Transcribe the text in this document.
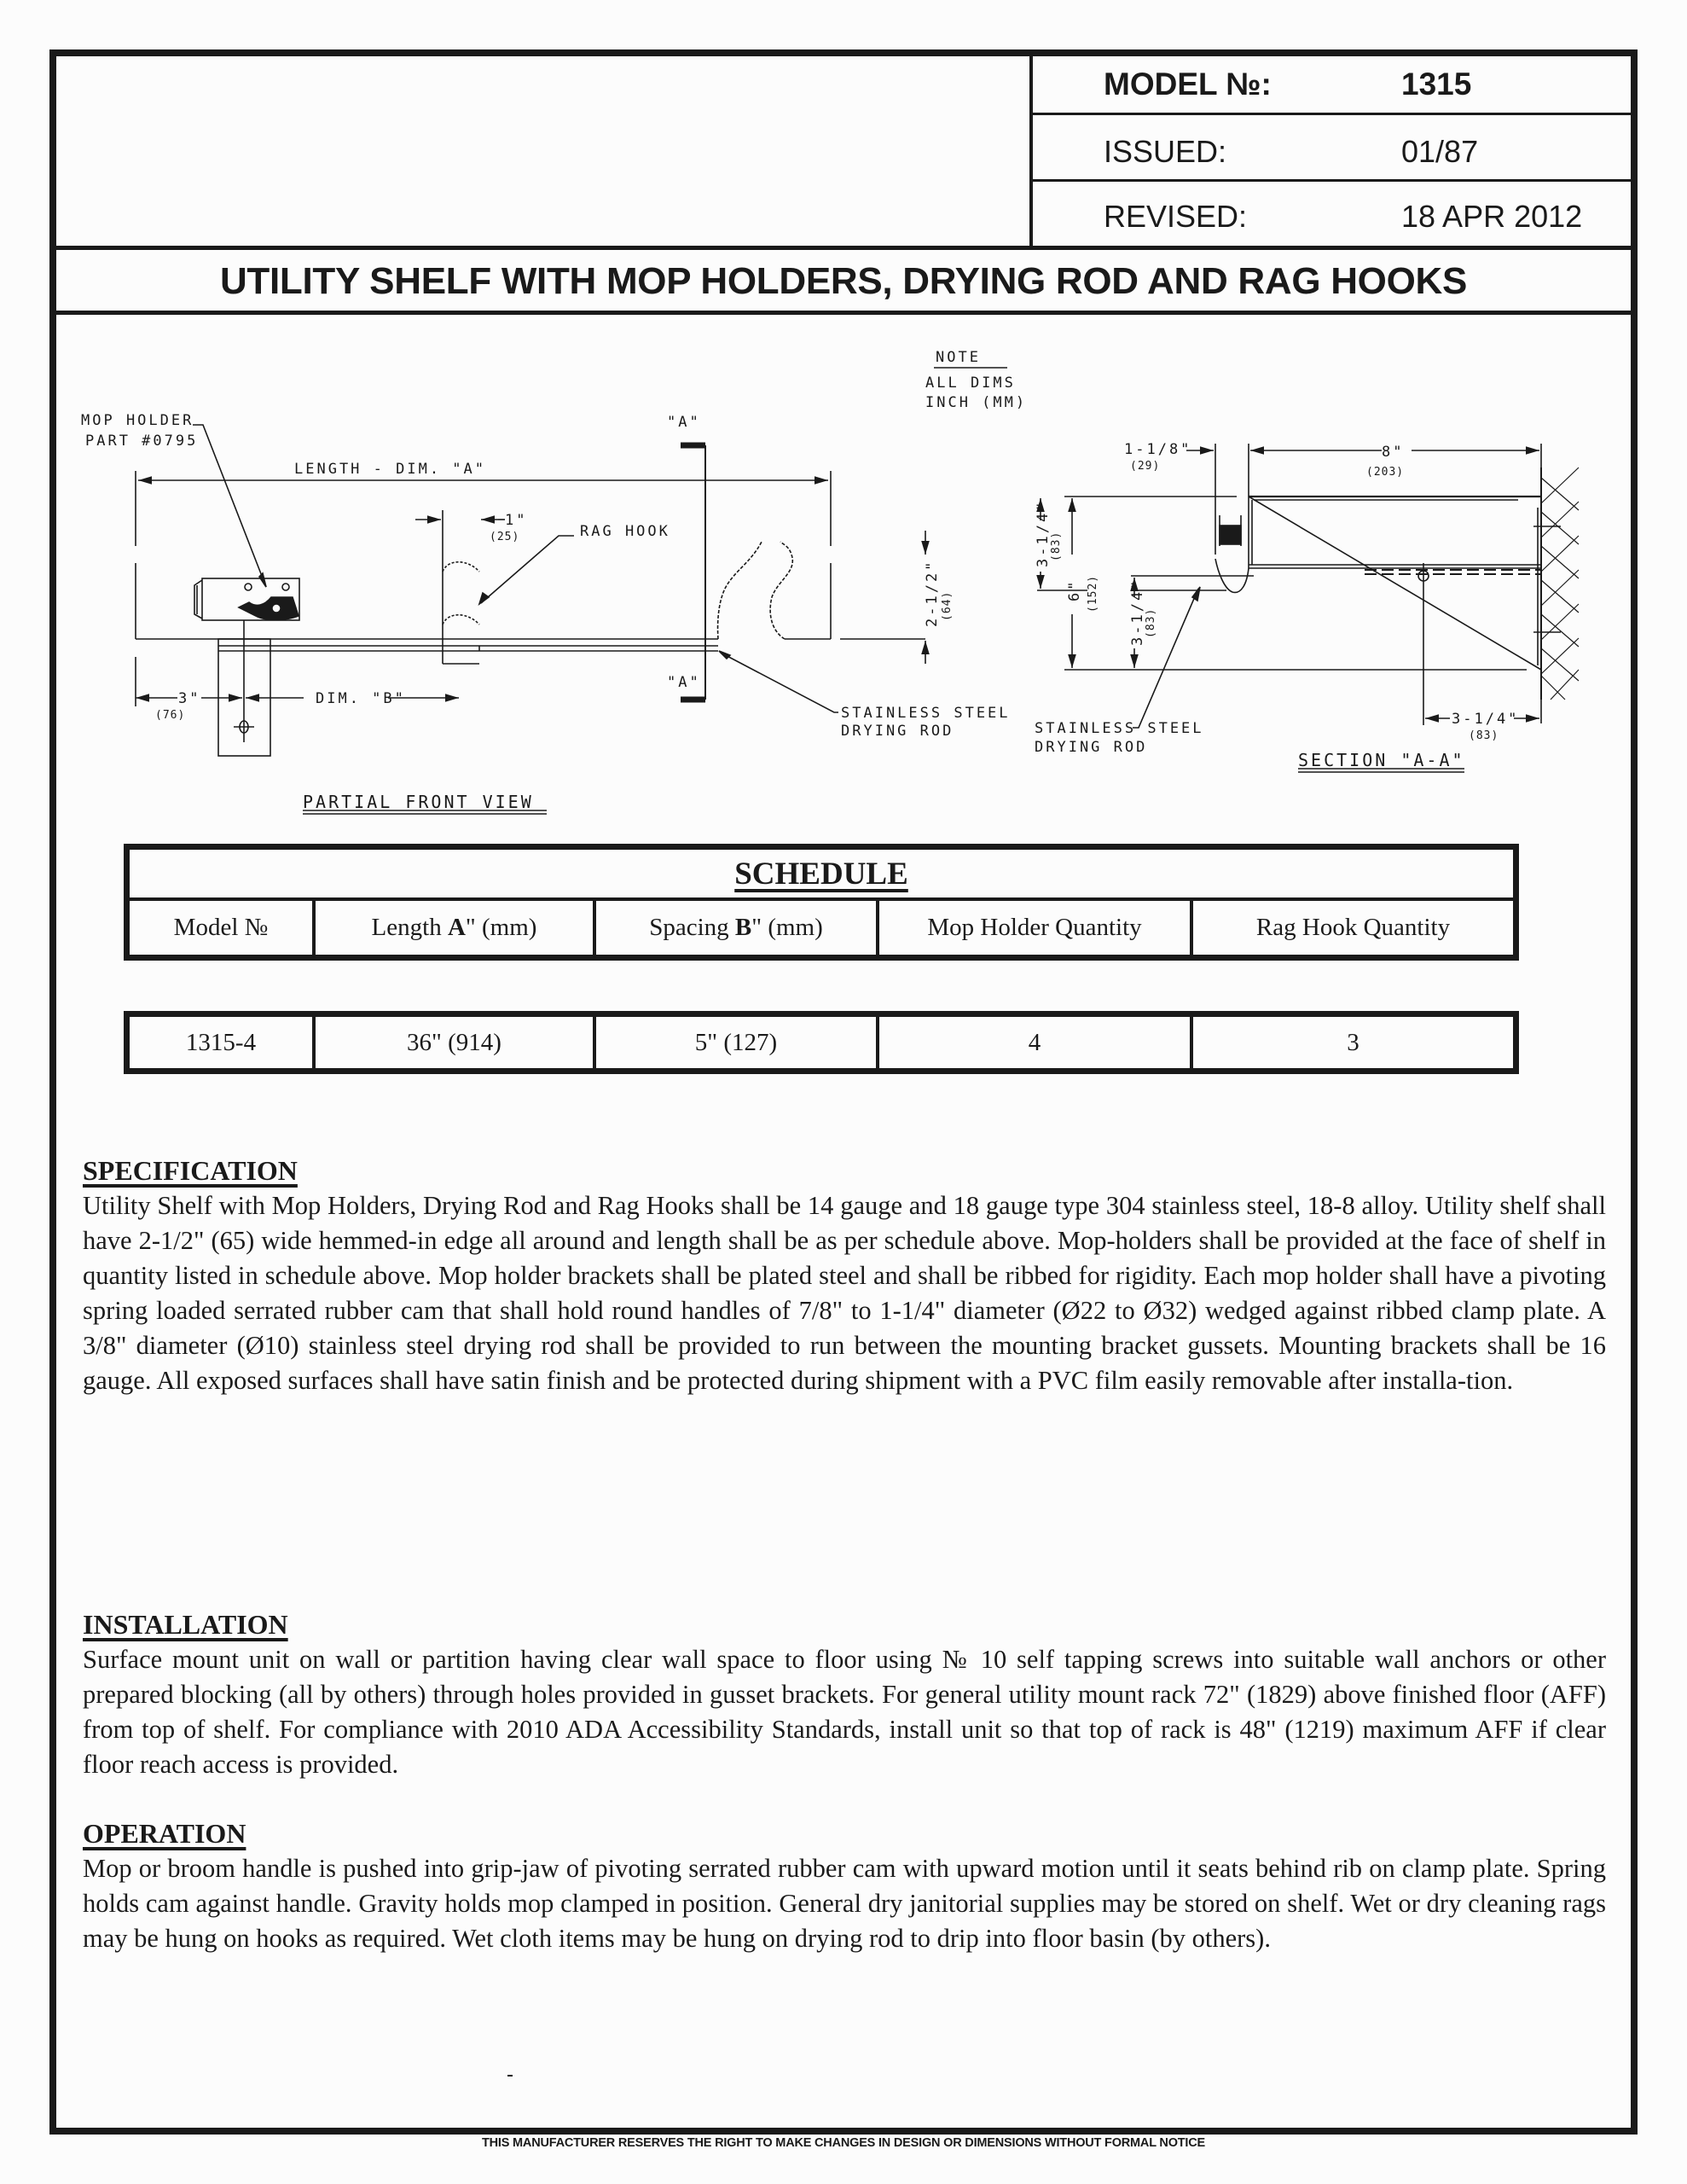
MODEL №:	1315
ISSUED:	01/87
REVISED:	18 APR 2012
UTILITY SHELF WITH MOP HOLDERS, DRYING ROD AND RAG HOOKS
NOTE
ALL DIMS
INCH (MM)
MOP HOLDER
PART #0795
LENGTH - DIM. "A"
"A"
"A"
1"
(25)	RAG HOOK
2-1/2" (64)
3"
(76)
DIM. "B"
STAINLESS STEEL
DRYING ROD
PARTIAL FRONT VIEW
1-1/8"
(29)
8"
(203)
6" (152)
3-1/4"
(83)
3-1/4"
(83)
3-1/4"
(83)
STAINLESS STEEL
DRYING ROD
SECTION "A-A"
SCHEDULE
Model №	Length A" (mm)	Spacing B" (mm)	Mop Holder Quantity	Rag Hook Quantity
1315-4	36" (914)	5" (127)	4	3
SPECIFICATION

Utility Shelf with Mop Holders, Drying Rod and Rag Hooks shall be 14 gauge and 18 gauge type 304 stainless steel, 18-8 alloy. Utility shelf shall have 2-1/2" (65) wide hemmed-in edge all around and length shall be as per schedule above. Mop-holders shall be provided at the face of shelf in quantity listed in schedule above. Mop holder brackets shall be plated steel and shall be ribbed for rigidity. Each mop holder shall have a pivoting spring loaded serrated rubber cam that shall hold round handles of 7/8" to 1-1/4" diameter (Ø22 to Ø32) wedged against ribbed clamp plate. A 3/8" diameter (Ø10) stainless steel drying rod shall be provided to run between the mounting bracket gussets. Mounting brackets shall be 16 gauge. All exposed surfaces shall have satin finish and be protected during shipment with a PVC film easily removable after installa-tion.

INSTALLATION

Surface mount unit on wall or partition having clear wall space to floor using № 10 self tapping screws into suitable wall anchors or other prepared blocking (all by others) through holes provided in gusset brackets. For general utility mount rack 72" (1829) above finished floor (AFF) from top of shelf. For compliance with 2010 ADA Accessibility Standards, install unit so that top of rack is 48" (1219) maximum AFF if clear floor reach access is provided.

OPERATION

Mop or broom handle is pushed into grip-jaw of pivoting serrated rubber cam with upward motion until it seats behind rib on clamp plate. Spring holds cam against handle. Gravity holds mop clamped in position. General dry janitorial supplies may be stored on shelf. Wet or dry cleaning rags may be hung on hooks as required. Wet cloth items may be hung on drying rod to drip into floor basin (by others).

THIS MANUFACTURER RESERVES THE RIGHT TO MAKE CHANGES IN DESIGN OR DIMENSIONS WITHOUT FORMAL NOTICE
